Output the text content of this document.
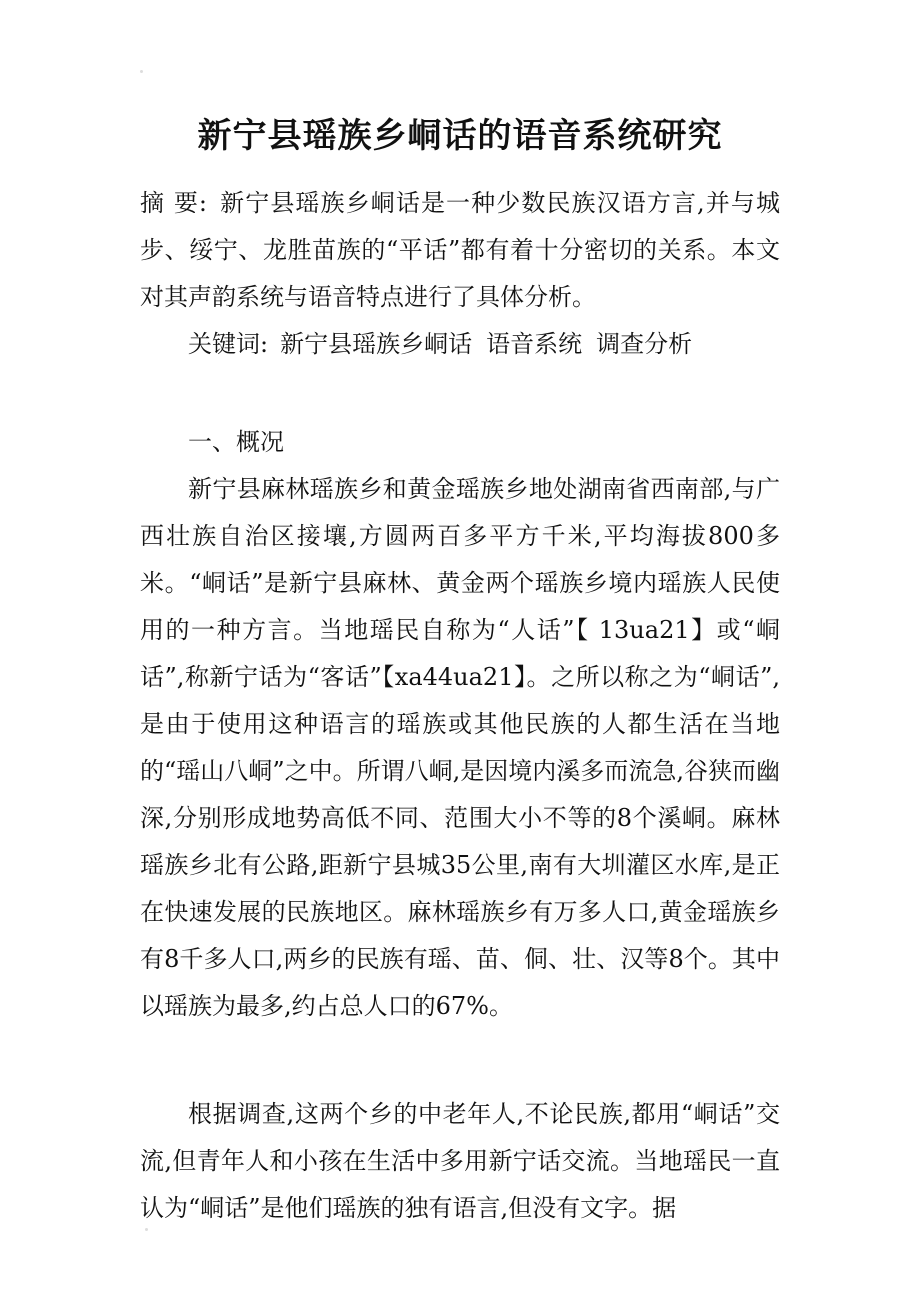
新宁县瑶族乡峒话的语音系统研究

摘 要:  新宁县瑶族乡峒话是一种少数民族汉语方言,并与城步、绥宁、龙胜苗族的“平话”都有着十分密切的关系。本文对其声韵系统与语音特点进行了具体分析。

关键词:  新宁县瑶族乡峒话 语音系统 调查分析

一、概况

新宁县麻林瑶族乡和黄金瑶族乡地处湖南省西南部,与广西壮族自治区接壤,方圆两百多平方千米,平均海拔800多米。“峒话”是新宁县麻林、黄金两个瑶族乡境内瑶族人民使用的一种方言。当地瑶民自称为“人话”【 13ua21】或“峒话”,称新宁话为“客话”【xa44ua21】。之所以称之为“峒话”,是由于使用这种语言的瑶族或其他民族的人都生活在当地的“瑶山八峒”之中。所谓八峒,是因境内溪多而流急,谷狭而幽深,分别形成地势高低不同、范围大小不等的8个溪峒。麻林瑶族乡北有公路,距新宁县城35公里,南有大圳灌区水库,是正在快速发展的民族地区。麻林瑶族乡有万多人口,黄金瑶族乡有8千多人口,两乡的民族有瑶、苗、侗、壮、汉等8个。其中以瑶族为最多,约占总人口的67%。

根据调查,这两个乡的中老年人,不论民族,都用“峒话”交流,但青年人和小孩在生活中多用新宁话交流。当地瑶民一直认为“峒话”是他们瑶族的独有语言,但没有文字。据
